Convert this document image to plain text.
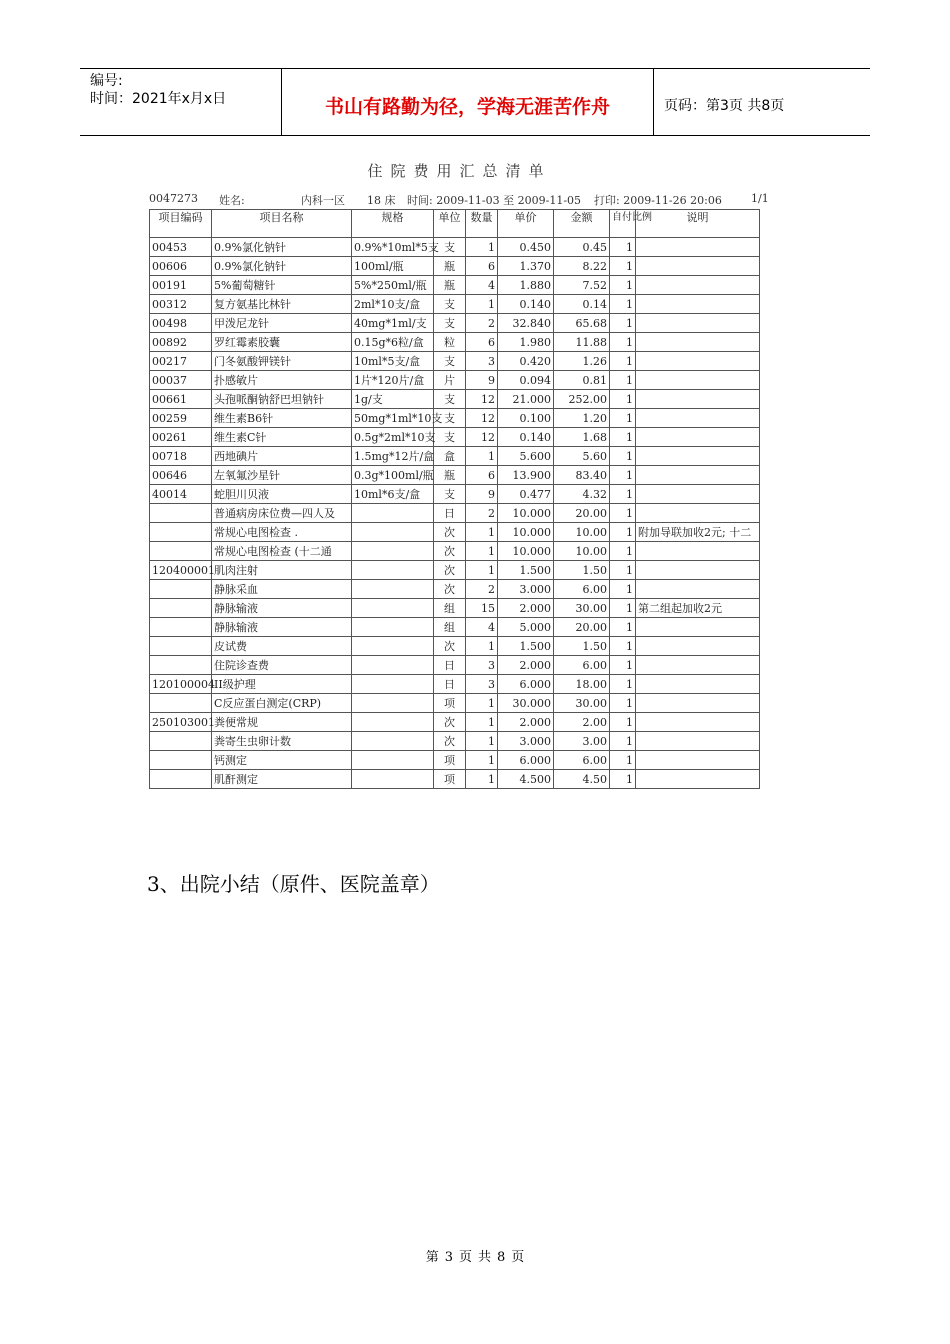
编号:
时间：2021年x月x日	书山有路勤为径，学海无涯苦作舟	页码：第3页 共8页
住院费用汇总清单
0047273 姓名:	内科一区 18 床 时间: 2009-11-03 至 2009-11-05 打印: 2009-11-26 20:06	1/1
项目编码	项目名称	规格	单位	数量	单价	金额	自付比例	说明
00453	0.9%氯化钠针	0.9%*10ml*5支	支	1	0.450	0.45	1	
00606	0.9%氯化钠针	100ml/瓶	瓶	6	1.370	8.22	1	
00191	5%葡萄糖针	5%*250ml/瓶	瓶	4	1.880	7.52	1	
00312	复方氨基比林针	2ml*10支/盒	支	1	0.140	0.14	1	
00498	甲泼尼龙针	40mg*1ml/支	支	2	32.840	65.68	1	
00892	罗红霉素胶囊	0.15g*6粒/盒	粒	6	1.980	11.88	1	
00217	门冬氨酸钾镁针	10ml*5支/盒	支	3	0.420	1.26	1	
00037	扑感敏片	1片*120片/盒	片	9	0.094	0.81	1	
00661	头孢哌酮钠舒巴坦钠针	1g/支	支	12	21.000	252.00	1	
00259	维生素B6针	50mg*1ml*10支	支	12	0.100	1.20	1	
00261	维生素C针	0.5g*2ml*10支	支	12	0.140	1.68	1	
00718	西地碘片	1.5mg*12片/盒	盒	1	5.600	5.60	1	
00646	左氧氟沙星针	0.3g*100ml/瓶	瓶	6	13.900	83.40	1	
40014	蛇胆川贝液	10ml*6支/盒	支	9	0.477	4.32	1	
	普通病房床位费—四人及		日	2	10.000	20.00	1	
	常规心电图检查 .		次	1	10.000	10.00	1	附加导联加收2元; 十二
	常规心电图检查 (十二通		次	1	10.000	10.00	1	
120400001	肌肉注射		次	1	1.500	1.50	1	
	静脉采血		次	2	3.000	6.00	1	
	静脉输液		组	15	2.000	30.00	1	第二组起加收2元
	静脉输液		组	4	5.000	20.00	1	
	皮试费		次	1	1.500	1.50	1	
	住院诊查费		日	3	2.000	6.00	1	
120100004	II级护理		日	3	6.000	18.00	1	
	C反应蛋白测定(CRP)		项	1	30.000	30.00	1	
250103001	粪便常规		次	1	2.000	2.00	1	
	粪寄生虫卵计数		次	1	3.000	3.00	1	
	钙测定		项	1	6.000	6.00	1	
	肌酐测定		项	1	4.500	4.50	1	
3、出院小结（原件、医院盖章）
第 3 页 共 8 页
